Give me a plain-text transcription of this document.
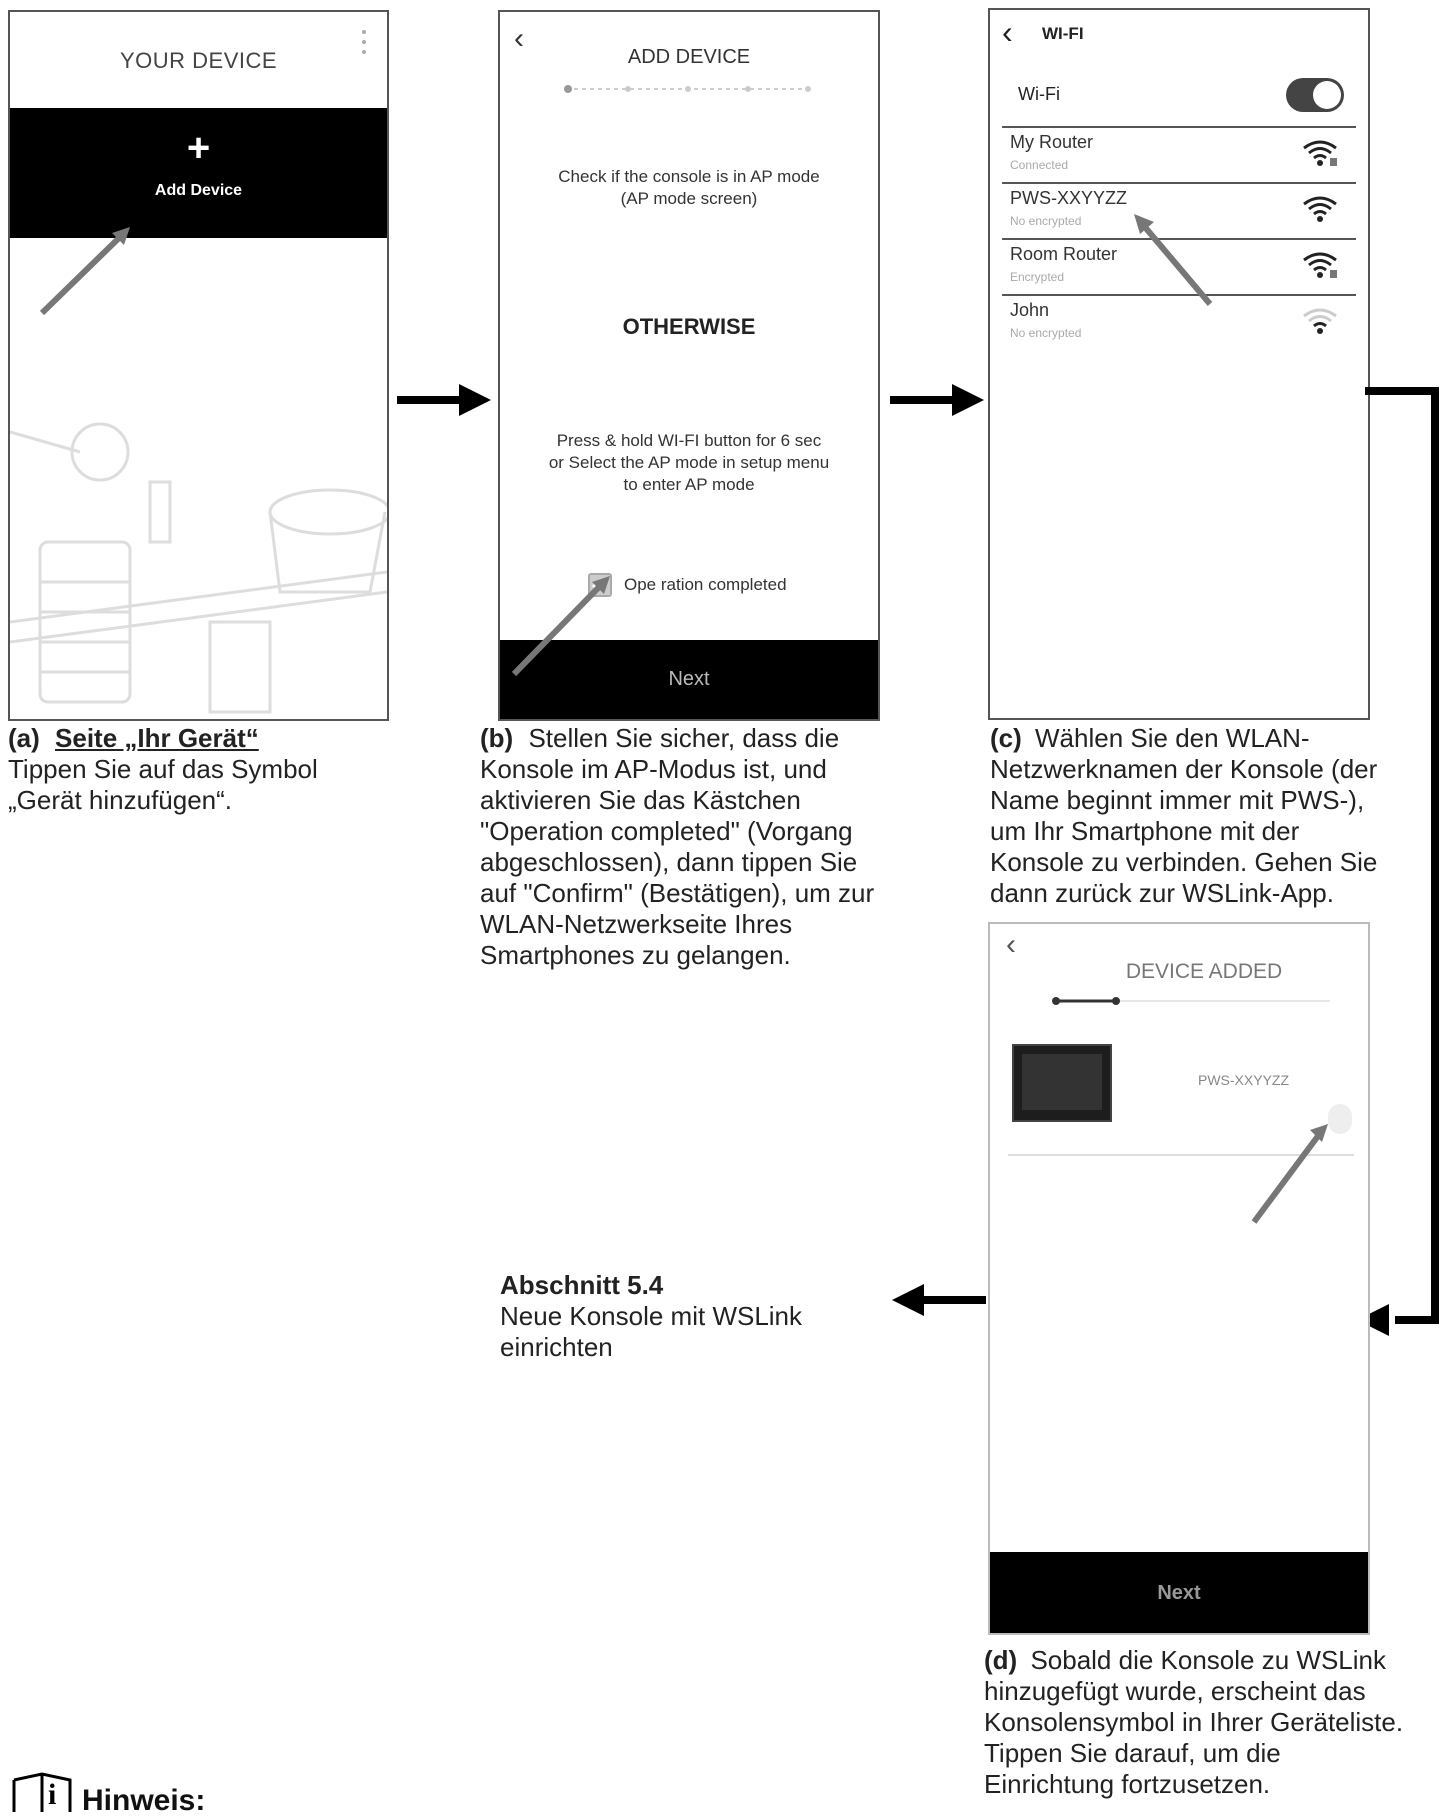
YOUR DEVICE
+
Add Device
(a) Seite „Ihr Gerät“
Tippen Sie auf das Symbol „Gerät hinzufügen“.
‹
ADD DEVICE
Check if the console is in AP mode
(AP mode screen)
OTHERWISE
Press & hold WI-FI button for 6 sec
or Select the AP mode in setup menu
to enter AP mode
Ope ration completed
Next
(b) Stellen Sie sicher, dass die Konsole im AP-Modus ist, und aktivieren Sie das Kästchen "Operation completed" (Vorgang abgeschlossen), dann tippen Sie auf "Confirm" (Bestätigen), um zur WLAN-Netzwerkseite Ihres Smartphones zu gelangen.
‹ WI-FI
Wi-Fi
My Router
Connected
PWS-XXYYZZ
No encrypted
Room Router
Encrypted
John
No encrypted
(c) Wählen Sie den WLAN-Netzwerknamen der Konsole (der Name beginnt immer mit PWS-), um Ihr Smartphone mit der Konsole zu verbinden. Gehen Sie dann zurück zur WSLink-App.
‹
DEVICE ADDED
PWS-XXYYZZ
Next
(d) Sobald die Konsole zu WSLink hinzugefügt wurde, erscheint das Konsolensymbol in Ihrer Geräteliste. Tippen Sie darauf, um die Einrichtung fortzusetzen.
Abschnitt 5.4
Neue Konsole mit WSLink einrichten
i Hinweis:
